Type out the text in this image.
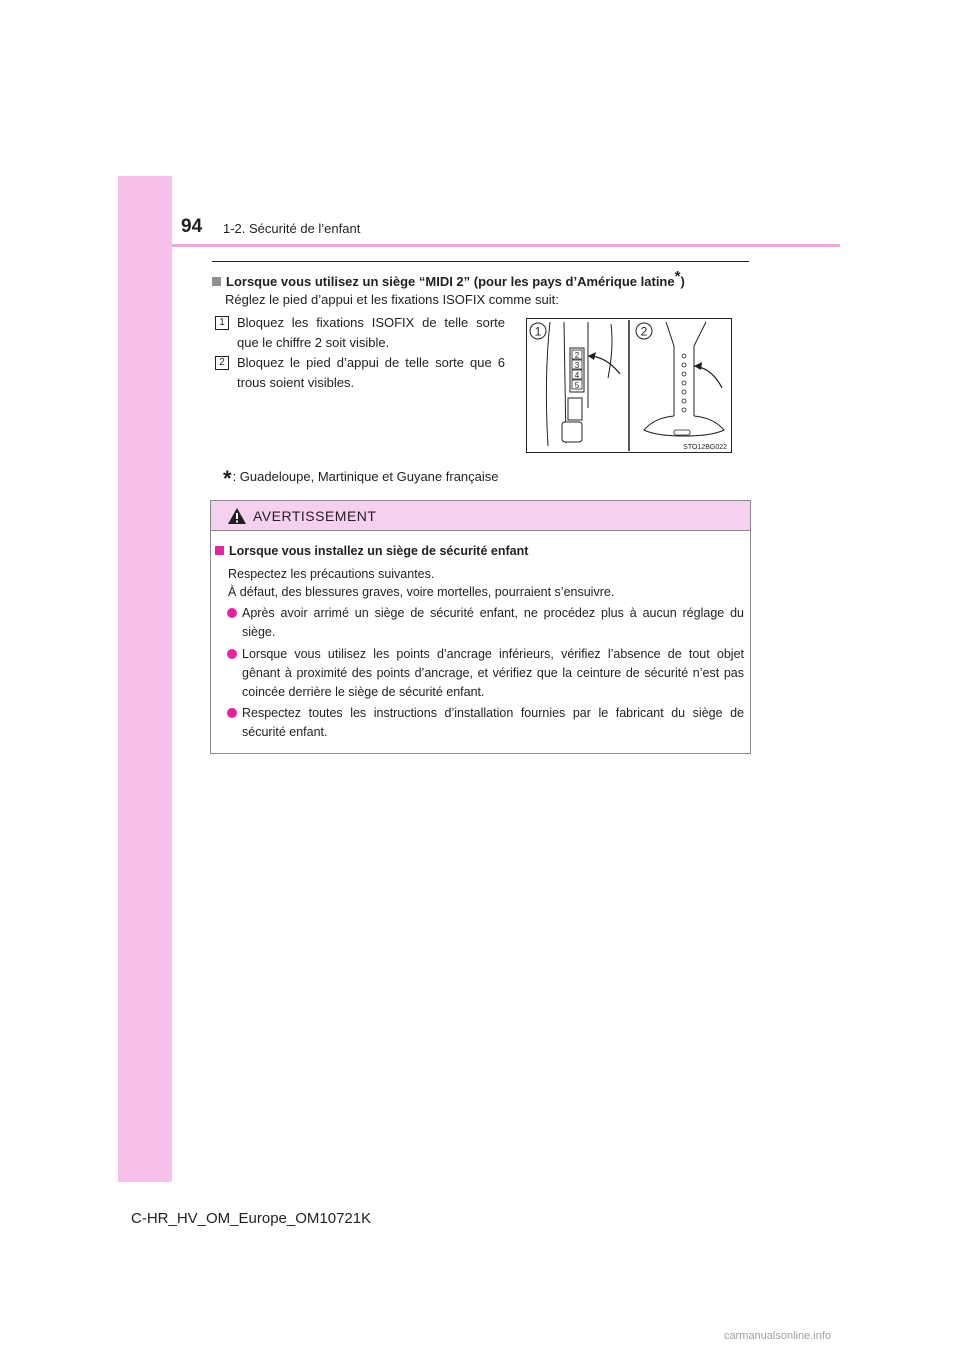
94 1-2. Sécurité de l’enfant
Lorsque vous utilisez un siège “MIDI 2” (pour les pays d’Amérique latine*)
Réglez le pied d’appui et les fixations ISOFIX comme suit:
1 Bloquez les fixations ISOFIX de telle sorte que le chiffre 2 soit visible.
2 Bloquez le pied d’appui de telle sorte que 6 trous soient visibles.
2
3
4
5
1	2
STO12BG022
*: Guadeloupe, Martinique et Guyane française
AVERTISSEMENT
Lorsque vous installez un siège de sécurité enfant
Respectez les précautions suivantes.
À défaut, des blessures graves, voire mortelles, pourraient s’ensuivre.
Après avoir arrimé un siège de sécurité enfant, ne procédez plus à aucun réglage du siège.
Lorsque vous utilisez les points d’ancrage inférieurs, vérifiez l’absence de tout objet gênant à proximité des points d’ancrage, et vérifiez que la ceinture de sécurité n’est pas coincée derrière le siège de sécurité enfant.
Respectez toutes les instructions d’installation fournies par le fabricant du siège de sécurité enfant.
C-HR_HV_OM_Europe_OM10721K
carmanualsonline.info
